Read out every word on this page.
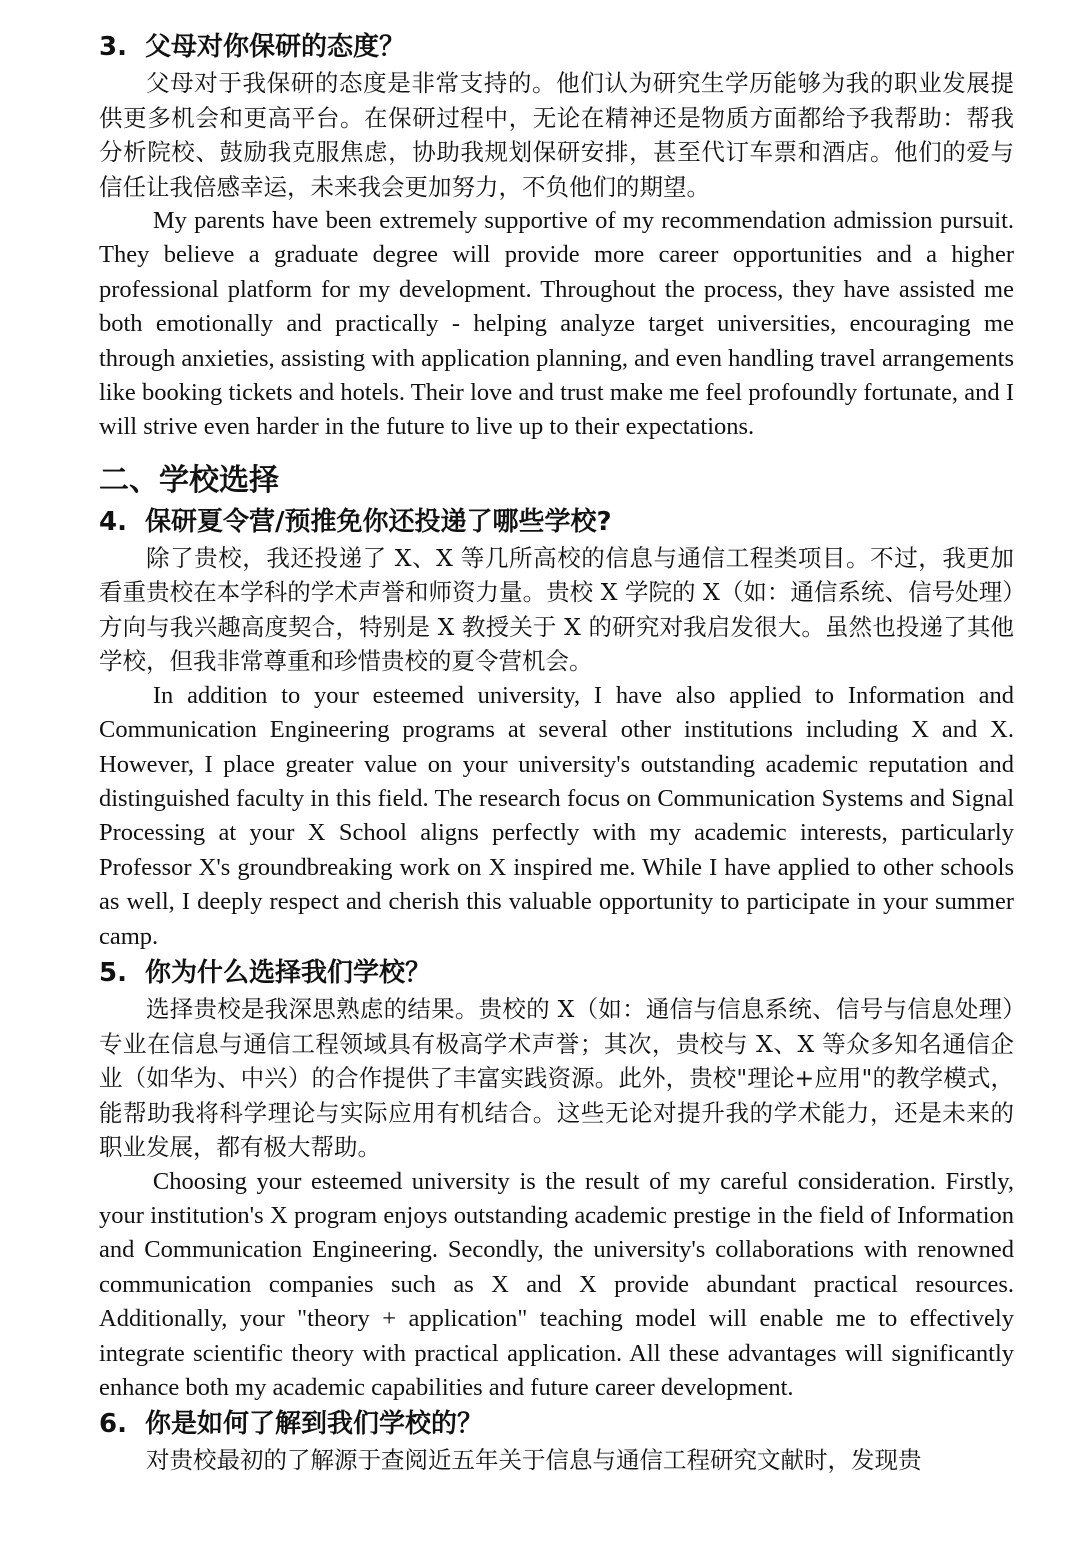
3. 父母对你保研的态度？

父母对于我保研的态度是非常支持的。他们认为研究生学历能够为我的职业发展提供更多机会和更高平台。在保研过程中，无论在精神还是物质方面都给予我帮助：帮我分析院校、鼓励我克服焦虑，协助我规划保研安排，甚至代订车票和酒店。他们的爱与信任让我倍感幸运，未来我会更加努力，不负他们的期望。

My parents have been extremely supportive of my recommendation admission pursuit. They believe a graduate degree will provide more career opportunities and a higher professional platform for my development. Throughout the process, they have assisted me both emotionally and practically - helping analyze target universities, encouraging me through anxieties, assisting with application planning, and even handling travel arrangements like booking tickets and hotels. Their love and trust make me feel profoundly fortunate, and I will strive even harder in the future to live up to their expectations.

二、学校选择
4. 保研夏令营/预推免你还投递了哪些学校?

除了贵校，我还投递了 X、X 等几所高校的信息与通信工程类项目。不过，我更加看重贵校在本学科的学术声誉和师资力量。贵校 X 学院的 X（如：通信系统、信号处理）方向与我兴趣高度契合，特别是 X 教授关于 X 的研究对我启发很大。虽然也投递了其他学校，但我非常尊重和珍惜贵校的夏令营机会。

In addition to your esteemed university, I have also applied to Information and Communication Engineering programs at several other institutions including X and X. However, I place greater value on your university's outstanding academic reputation and distinguished faculty in this field. The research focus on Communication Systems and Signal Processing at your X School aligns perfectly with my academic interests, particularly Professor X's groundbreaking work on X inspired me. While I have applied to other schools as well, I deeply respect and cherish this valuable opportunity to participate in your summer camp.

5. 你为什么选择我们学校？

选择贵校是我深思熟虑的结果。贵校的 X（如：通信与信息系统、信号与信息处理）专业在信息与通信工程领域具有极高学术声誉；其次，贵校与 X、X 等众多知名通信企业（如华为、中兴）的合作提供了丰富实践资源。此外，贵校"理论+应用"的教学模式，能帮助我将科学理论与实际应用有机结合。这些无论对提升我的学术能力，还是未来的职业发展，都有极大帮助。

Choosing your esteemed university is the result of my careful consideration. Firstly, your institution's X program enjoys outstanding academic prestige in the field of Information and Communication Engineering. Secondly, the university's collaborations with renowned communication companies such as X and X provide abundant practical resources. Additionally, your "theory + application" teaching model will enable me to effectively integrate scientific theory with practical application. All these advantages will significantly enhance both my academic capabilities and future career development.

6. 你是如何了解到我们学校的？

对贵校最初的了解源于查阅近五年关于信息与通信工程研究文献时，发现贵
